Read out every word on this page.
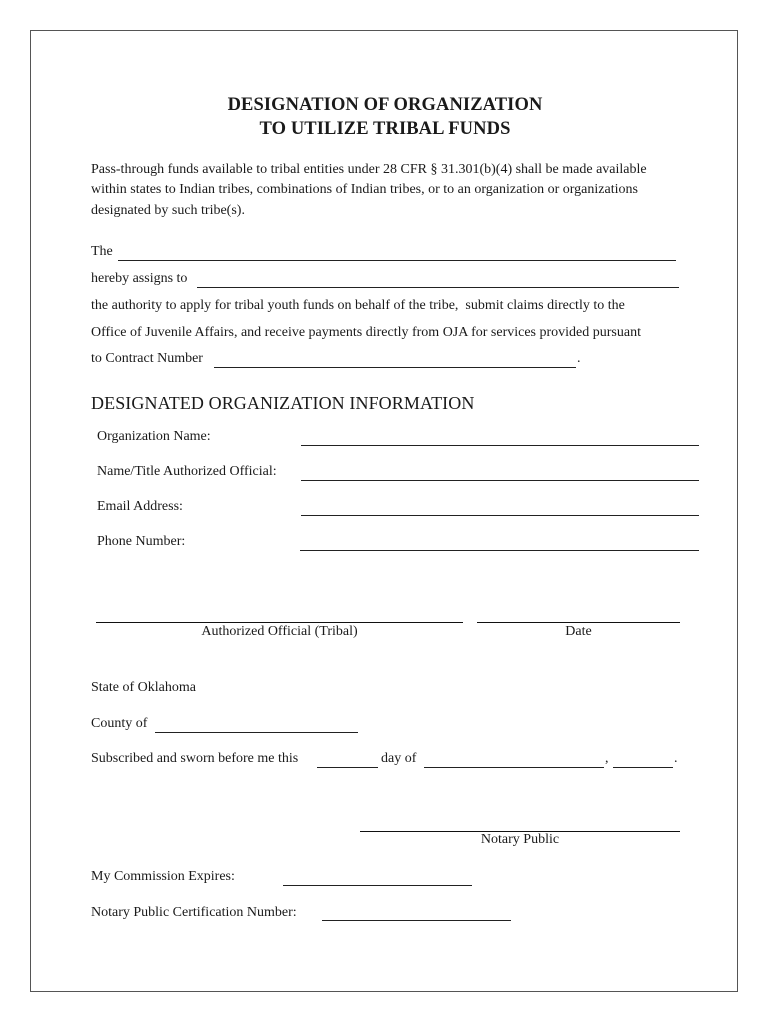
DESIGNATION OF ORGANIZATION
TO UTILIZE TRIBAL FUNDS
Pass-through funds available to tribal entities under 28 CFR § 31.301(b)(4) shall be made available
within states to Indian tribes, combinations of Indian tribes, or to an organization or organizations
designated by such tribe(s).
The
hereby assigns to
the authority to apply for tribal youth funds on behalf of the tribe,  submit claims directly to the
Office of Juvenile Affairs, and receive payments directly from OJA for services provided pursuant
to Contract Number	.
DESIGNATED ORGANIZATION INFORMATION
Organization Name:
Name/Title Authorized Official:
Email Address:
Phone Number:
Authorized Official (Tribal)	Date
State of Oklahoma
County of
Subscribed and sworn before me this	day of	,	.
Notary Public
My Commission Expires:
Notary Public Certification Number:
